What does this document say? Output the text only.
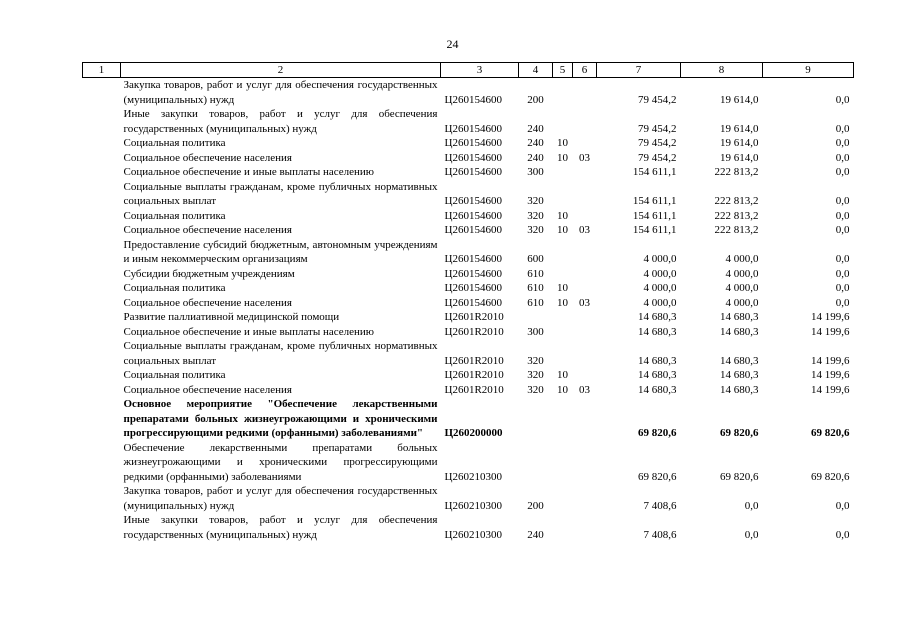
24
1	2	3	4	5	6	7	8	9
	Закупка товаров, работ и услуг для обеспечения государственных (муниципальных) нужд	Ц260154600	200			79 454,2	19 614,0	0,0
	Иные закупки товаров, работ и услуг для обеспечения государственных (муниципальных) нужд	Ц260154600	240			79 454,2	19 614,0	0,0
	Социальная политика	Ц260154600	240	10		79 454,2	19 614,0	0,0
	Социальное обеспечение населения	Ц260154600	240	10	03	79 454,2	19 614,0	0,0
	Социальное обеспечение и иные выплаты населению	Ц260154600	300			154 611,1	222 813,2	0,0
	Социальные выплаты гражданам, кроме публичных нормативных социальных выплат	Ц260154600	320			154 611,1	222 813,2	0,0
	Социальная политика	Ц260154600	320	10		154 611,1	222 813,2	0,0
	Социальное обеспечение населения	Ц260154600	320	10	03	154 611,1	222 813,2	0,0
	Предоставление субсидий бюджетным, автономным учреждениям и иным некоммерческим организациям	Ц260154600	600			4 000,0	4 000,0	0,0
	Субсидии бюджетным учреждениям	Ц260154600	610			4 000,0	4 000,0	0,0
	Социальная политика	Ц260154600	610	10		4 000,0	4 000,0	0,0
	Социальное обеспечение населения	Ц260154600	610	10	03	4 000,0	4 000,0	0,0
	Развитие паллиативной медицинской помощи	Ц2601R2010				14 680,3	14 680,3	14 199,6
	Социальное обеспечение и иные выплаты населению	Ц2601R2010	300			14 680,3	14 680,3	14 199,6
	Социальные выплаты гражданам, кроме публичных нормативных социальных выплат	Ц2601R2010	320			14 680,3	14 680,3	14 199,6
	Социальная политика	Ц2601R2010	320	10		14 680,3	14 680,3	14 199,6
	Социальное обеспечение населения	Ц2601R2010	320	10	03	14 680,3	14 680,3	14 199,6
	Основное мероприятие "Обеспечение лекарственными препаратами больных жизнеугрожающими и хроническими прогрессирующими редкими (орфанными) заболеваниями"	Ц260200000				69 820,6	69 820,6	69 820,6
	Обеспечение лекарственными препаратами больных жизнеугрожающими и хроническими прогрессирующими редкими (орфанными) заболеваниями	Ц260210300				69 820,6	69 820,6	69 820,6
	Закупка товаров, работ и услуг для обеспечения государственных (муниципальных) нужд	Ц260210300	200			7 408,6	0,0	0,0
	Иные закупки товаров, работ и услуг для обеспечения государственных (муниципальных) нужд	Ц260210300	240			7 408,6	0,0	0,0
